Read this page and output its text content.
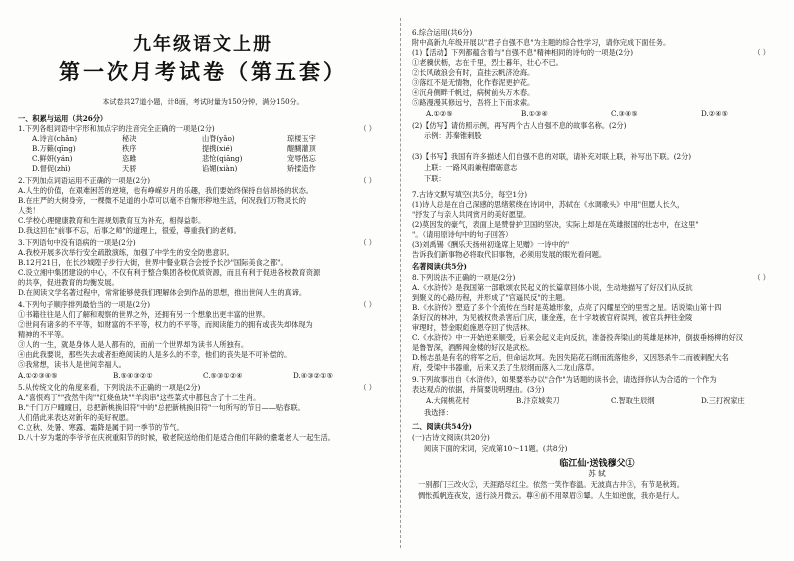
九年级语文上册
第一次月考试卷（第五套）
本试卷共27道小题，计8面，考试时量为150分钟，满分150分。
一、积累与运用（共26分）
1.下列各组词语中字形和加点字的注音完全正确的一项是(2分)	（ ）
A.诗言(chǎn)	秘决	山脊(yǎo)	琼楼玉宇
B.万籁(qīng)	秩序	提携(xié)	醍醐灌顶
C.鲜妍(yán)	恣雎	悲怆(qiāng)	宠辱偕忘
D.督促(zhì)	天骄	谄媚(xiàn)	矫揉造作
2.下列加点词语运用不正确的一项是(2分)	（ ）
A.人生的价值，在艰难困苦的逆境，也有峥嵘岁月的乐趣，我们要始终保持自信昂扬的状态。
B.在庄严的大树身旁，一棵微不足道的小草可以毫不自惭形秽地生活，何况我们万物灵长的
人类！
C.学校心理健康教育和生涯规划教育互为补充，相得益彰。
D.我这回在"前事不忘，后事之师"的道理上，很爱，尊重我们的老师。
3.下列语句中没有语病的一项是(2分)	（ ）
A.我校开展多次举行安全疏散演练，加强了中学生的安全防患意识。
B.12月21日，在长沙城隍子步行大街，世界中餐业联合会授予长沙"国际美食之都"。
C.设立湘中集团建设的中心，不仅有利于整合集团各校优质资源，而且有利于促进各校教育资源
的共享，促进教育的均衡发展。
D.在阅读文学名著过程中，常常能够使我们理解体会到作品的思想，推出世间人生的真谛。
4.下列句子顺序排列最恰当的一项是(2分)	（ ）
①书籍往往是人们了解和观察的世界之外，还拥有另一个想象出更丰富的世界。
②世间有诸多的不平等，如财富的不平等，权力的不平等，而阅读能力的拥有或丧失却体现为
精神的不平等。
③人的一生，就是身体人是人都有的，而前一个世界却为读书人所独有。
④由此我要说，那些失去或者拒绝阅读的人是多么的不幸，他们的丧失是不可补偿的。
⑤我常想，读书人是世间幸福人。
A.①②③④⑤	B.⑤④③②①	C.⑤③①②④	D.④③②①⑤
5.从传统文化的角度来看，下列说法不正确的一项是(2分)	（ ）
A."喜恨鸡丁""孜然牛肉""红烧鱼块""羊肉串"这些菜式中都包含了十二生肖。
B."千门万户曈曈日，总把新桃换旧符"中的"总把新桃换旧符"一句所写的节日——贴春联。
人们借此来表达对新年的美好祝愿。
C.立秋、处暑、寒露、霜降是属于同一季节的节气。
D.八十岁为耄的李爷爷在庆祝重阳节的时候，敬老院送给他们是适合他们年龄的耋耄老人一起生活。
6.综合运用(共6分)
附中高新九年级开展以"君子自强不息"为主题的综合性学习，请你完成下面任务。
(1)【活动】下列都蕴含着与"自强不息"精神相同的诗句的一项是(2分)	（ ）
①老骥伏枥，志在千里，烈士暮年，壮心不已。
②长风破浪会有时，直挂云帆济沧海。
③落红不是无情物，化作春泥更护花。
④沉舟侧畔千帆过，病树前头万木春。
⑤路漫漫其修远兮，吾将上下而求索。
A.①②⑤	B.①③④	C.③④⑤	D.②④⑤
(2)【仿写】请仿照示例，再写两个古人自强不息的故事名称。(2分)
示例：苏秦锥刺股
(3)【书写】我国有许多描述人们自强不息的对联，请补充对联上联，补写出下联。(2分)
上联：一路风雨兼程磨砺意志
下联：
7.古诗文默写填空(共5分，每空1分)
(1)诗人总是在自己深感的思绪萦绕在诗词中，苏轼在《水调歌头》中用"但愿人长久，
"抒发了与亲人共同赏月的美好愿望。
(2)莫因发的豪气，表面上是赞誉护卫国的坚决，实际上却是在英雄报国的壮志中，在这里"
"。（请用原诗句中的句子回答）
(3)刘禹锡《酬乐天扬州初逢席上见赠》一诗中的"
告诉我们新事物必将取代旧事物，必须用发展的眼光看问题。
名著阅读(共5分)
8.下列说法不正确的一项是(2分)	（ ）
A.《水浒传》是我国第一部歌颂农民起义的长篇章回体小说，生动地描写了好汉们从反抗
到聚义的心路历程，并形成了"官逼民反"的主题。
B.《水浒传》塑造了多个个流传在当时是英雄形象，点亮了闪耀星空的里雪之星。话说梁山第十四
条好汉的林冲，为见被权贵杀害后门庆，康金莲，在十字坡被官府误判，被官兵押往金陵
审理时，替金眼彪施恩夺回了快活林。
C.《水浒传》中一开始逆来顺受，后来会起义走向反抗，准备投奔梁山的英雄是林冲，倒拔垂杨柳的好汉
是鲁智深，酒醉闯金楼的好汉是武松。
D.杨志虽是有名的将军之后，但命运坎坷。先因失陷花石纲而流落他乡，又因怒杀牛二而被刺配大名
府，受梁中书器重，后来又丢了生辰纲而落入二龙山落草。
9.下列故事出自《水浒传》，如果要举办以"合作"为话题的读书会，请选择你认为合适的一个作为
表达观点的依据，并简要说明理由。(3分)
A.大闹桃花村	B.汴京城卖刀	C.智取生辰纲	D.三打祝家庄
我选择：
二、阅读(共54分)
(一)古诗文阅读(共20分)
阅读下面的宋词，完成第10～11题。(共8分)
临江仙·送钱穆父①
苏 轼
一别都门三改火②，天涯踏尽红尘。依然一笑作春温。无波真古井③，有节是秋筠。
惆怅孤帆连夜发，送行淡月微云。尊④前不用翠眉⑤颦。人生如逆旅，我亦是行人。
